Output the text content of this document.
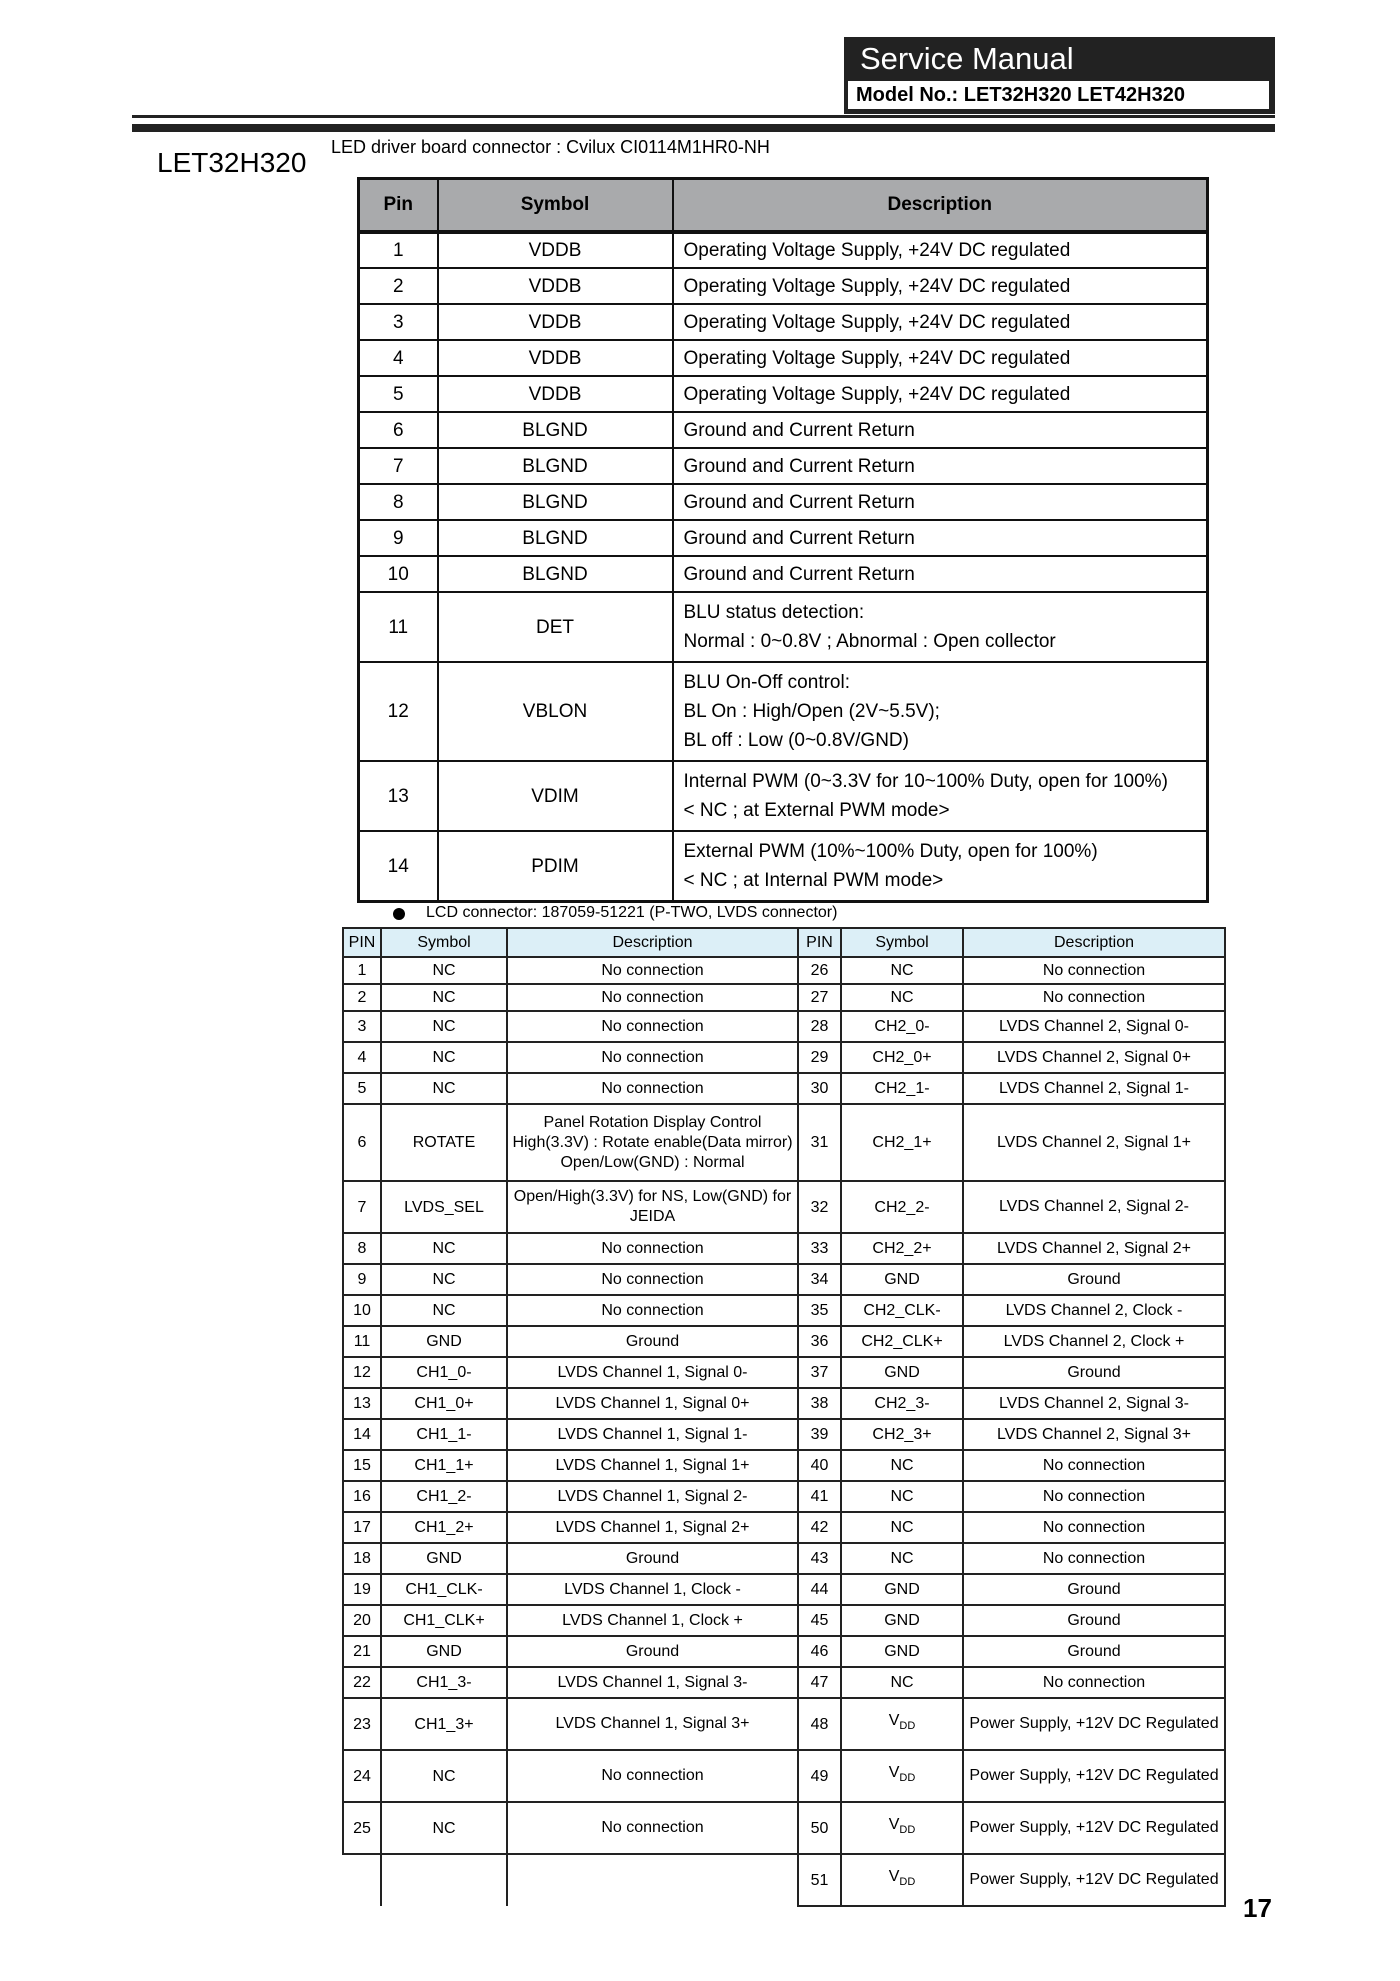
Service Manual
Model No.: LET32H320 LET42H320
LET32H320 LED driver board connector : Cvilux CI0114M1HR0-NH
Pin	Symbol	Description
1	VDDB	Operating Voltage Supply, +24V DC regulated

2	VDDB	Operating Voltage Supply, +24V DC regulated

3	VDDB	Operating Voltage Supply, +24V DC regulated

4	VDDB	Operating Voltage Supply, +24V DC regulated

5	VDDB	Operating Voltage Supply, +24V DC regulated

6	BLGND	Ground and Current Return

7	BLGND	Ground and Current Return

8	BLGND	Ground and Current Return

9	BLGND	Ground and Current Return

10	BLGND	Ground and Current Return

11	DET	BLU status detection:
Normal : 0~0.8V ; Abnormal : Open collector

12	VBLON	BLU On-Off control:
BL On : High/Open (2V~5.5V);
BL off : Low (0~0.8V/GND)

13	VDIM	Internal PWM (0~3.3V for 10~100% Duty, open for 100%)
< NC ; at External PWM mode>

14	PDIM	External PWM (10%~100% Duty, open for 100%)
< NC ; at Internal PWM mode>
LCD connector: 187059-51221 (P-TWO, LVDS connector)
PIN	Symbol	Description	PIN	Symbol	Description
1	NC	No connection	26	NC	No connection
2	NC	No connection	27	NC	No connection
3	NC	No connection	28	CH2_0-	LVDS Channel 2, Signal 0-
4	NC	No connection	29	CH2_0+	LVDS Channel 2, Signal 0+
5	NC	No connection	30	CH2_1-	LVDS Channel 2, Signal 1-
6	ROTATE	Panel Rotation Display Control High(3.3V) : Rotate enable(Data mirror) Open/Low(GND) : Normal	31	CH2_1+	LVDS Channel 2, Signal 1+
7	LVDS_SEL	Open/High(3.3V) for NS, Low(GND) for JEIDA	32	CH2_2-	LVDS Channel 2, Signal 2-
8	NC	No connection	33	CH2_2+	LVDS Channel 2, Signal 2+
9	NC	No connection	34	GND	Ground
10	NC	No connection	35	CH2_CLK-	LVDS Channel 2, Clock -
11	GND	Ground	36	CH2_CLK+	LVDS Channel 2, Clock +
12	CH1_0-	LVDS Channel 1, Signal 0-	37	GND	Ground
13	CH1_0+	LVDS Channel 1, Signal 0+	38	CH2_3-	LVDS Channel 2, Signal 3-
14	CH1_1-	LVDS Channel 1, Signal 1-	39	CH2_3+	LVDS Channel 2, Signal 3+
15	CH1_1+	LVDS Channel 1, Signal 1+	40	NC	No connection
16	CH1_2-	LVDS Channel 1, Signal 2-	41	NC	No connection
17	CH1_2+	LVDS Channel 1, Signal 2+	42	NC	No connection
18	GND	Ground	43	NC	No connection
19	CH1_CLK-	LVDS Channel 1, Clock -	44	GND	Ground
20	CH1_CLK+	LVDS Channel 1, Clock +	45	GND	Ground
21	GND	Ground	46	GND	Ground
22	CH1_3-	LVDS Channel 1, Signal 3-	47	NC	No connection
23	CH1_3+	LVDS Channel 1, Signal 3+	48	$V_{DD}$	Power Supply, +12V DC Regulated
24	NC	No connection	49	$V_{DD}$	Power Supply, +12V DC Regulated
25	NC	No connection	50	$V_{DD}$	Power Supply, +12V DC Regulated
			51	$V_{DD}$	Power Supply, +12V DC Regulated
17
